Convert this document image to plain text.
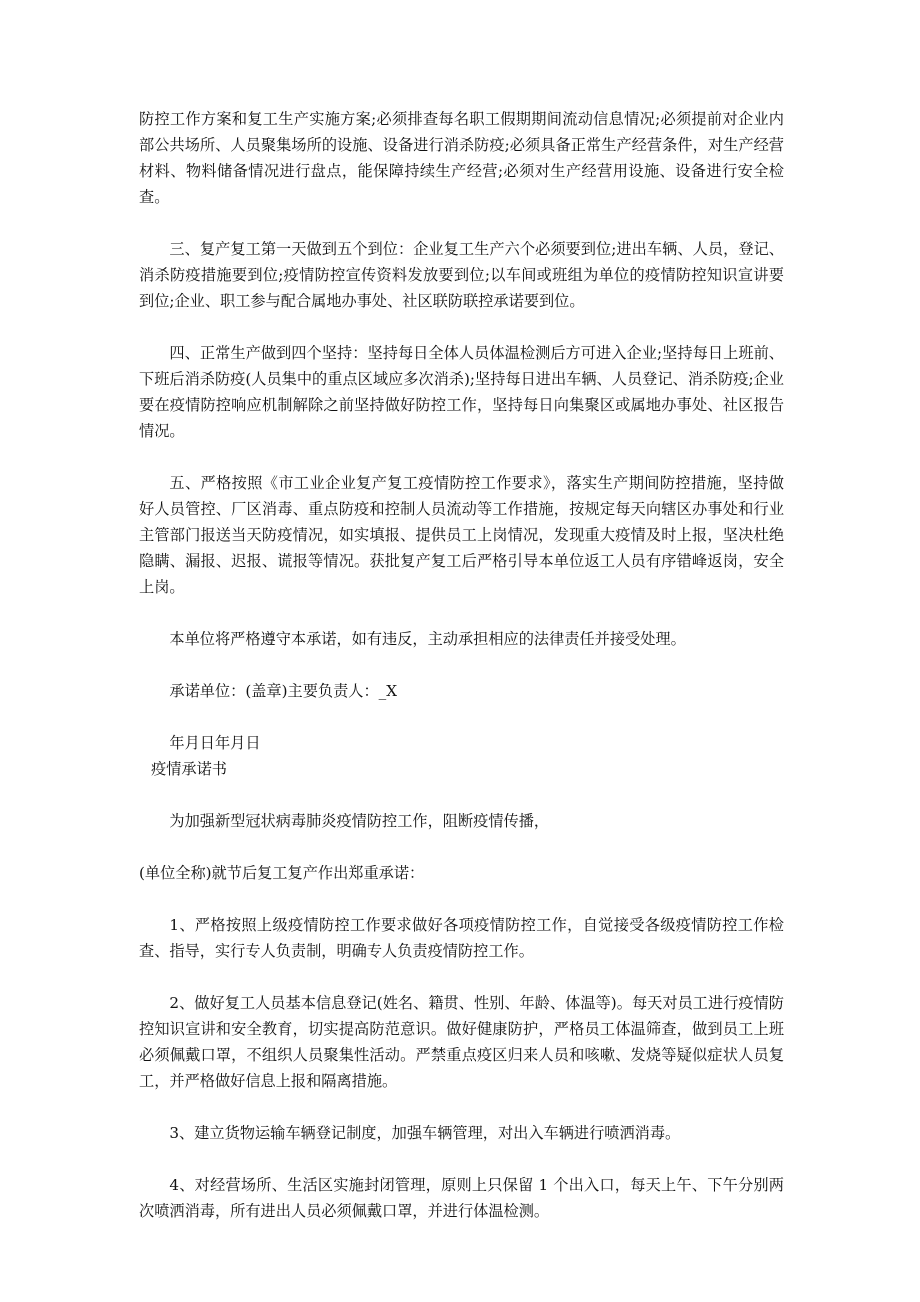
防控工作方案和复工生产实施方案;必须排查每名职工假期期间流动信息情况;必须提前对企业内部公共场所、人员聚集场所的设施、设备进行消杀防疫;必须具备正常生产经营条件，对生产经营材料、物料储备情况进行盘点，能保障持续生产经营;必须对生产经营用设施、设备进行安全检查。

三、复产复工第一天做到五个到位：企业复工生产六个必须要到位;进出车辆、人员，登记、消杀防疫措施要到位;疫情防控宣传资料发放要到位;以车间或班组为单位的疫情防控知识宣讲要到位;企业、职工参与配合属地办事处、社区联防联控承诺要到位。

四、正常生产做到四个坚持：坚持每日全体人员体温检测后方可进入企业;坚持每日上班前、下班后消杀防疫(人员集中的重点区域应多次消杀);坚持每日进出车辆、人员登记、消杀防疫;企业要在疫情防控响应机制解除之前坚持做好防控工作，坚持每日向集聚区或属地办事处、社区报告情况。

五、严格按照《市工业企业复产复工疫情防控工作要求》，落实生产期间防控措施，坚持做好人员管控、厂区消毒、重点防疫和控制人员流动等工作措施，按规定每天向辖区办事处和行业主管部门报送当天防疫情况，如实填报、提供员工上岗情况，发现重大疫情及时上报，坚决杜绝隐瞒、漏报、迟报、谎报等情况。获批复产复工后严格引导本单位返工人员有序错峰返岗，安全上岗。

本单位将严格遵守本承诺，如有违反，主动承担相应的法律责任并接受处理。

承诺单位：(盖章)主要负责人：_X

年月日年月日

疫情承诺书

为加强新型冠状病毒肺炎疫情防控工作，阻断疫情传播，

(单位全称)就节后复工复产作出郑重承诺：

1、严格按照上级疫情防控工作要求做好各项疫情防控工作，自觉接受各级疫情防控工作检查、指导，实行专人负责制，明确专人负责疫情防控工作。

2、做好复工人员基本信息登记(姓名、籍贯、性别、年龄、体温等)。每天对员工进行疫情防控知识宣讲和安全教育，切实提高防范意识。做好健康防护，严格员工体温筛查，做到员工上班必须佩戴口罩，不组织人员聚集性活动。严禁重点疫区归来人员和咳嗽、发烧等疑似症状人员复工，并严格做好信息上报和隔离措施。

3、建立货物运输车辆登记制度，加强车辆管理，对出入车辆进行喷洒消毒。

4、对经营场所、生活区实施封闭管理，原则上只保留 1 个出入口，每天上午、下午分别两次喷洒消毒，所有进出人员必须佩戴口罩，并进行体温检测。
